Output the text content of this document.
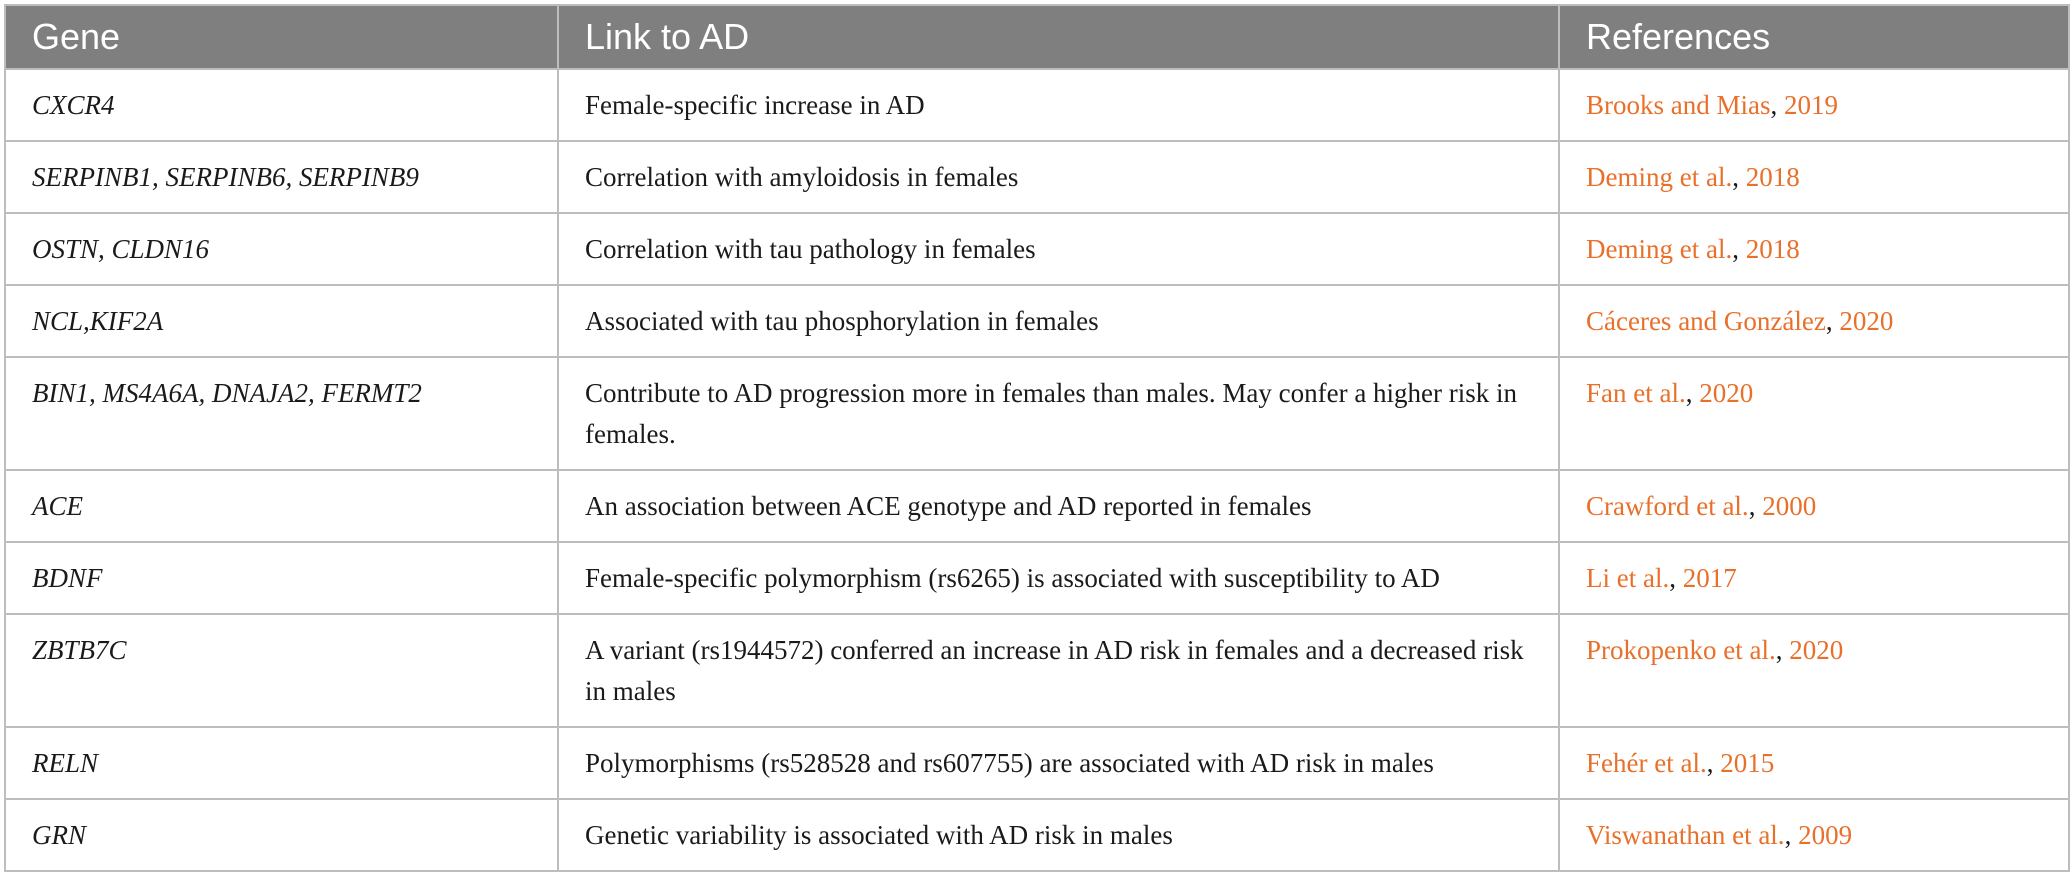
Gene	Link to AD	References
CXCR4	Female-specific increase in AD	Brooks and Mias, 2019
SERPINB1, SERPINB6, SERPINB9	Correlation with amyloidosis in females	Deming et al., 2018
OSTN, CLDN16	Correlation with tau pathology in females	Deming et al., 2018
NCL,KIF2A	Associated with tau phosphorylation in females	Cáceres and González, 2020
BIN1, MS4A6A, DNAJA2, FERMT2	Contribute to AD progression more in females than males. May confer a higher risk in females.	Fan et al., 2020
ACE	An association between ACE genotype and AD reported in females	Crawford et al., 2000
BDNF	Female-specific polymorphism (rs6265) is associated with susceptibility to AD	Li et al., 2017
ZBTB7C	A variant (rs1944572) conferred an increase in AD risk in females and a decreased risk in males	Prokopenko et al., 2020
RELN	Polymorphisms (rs528528 and rs607755) are associated with AD risk in males	Fehér et al., 2015
GRN	Genetic variability is associated with AD risk in males	Viswanathan et al., 2009
